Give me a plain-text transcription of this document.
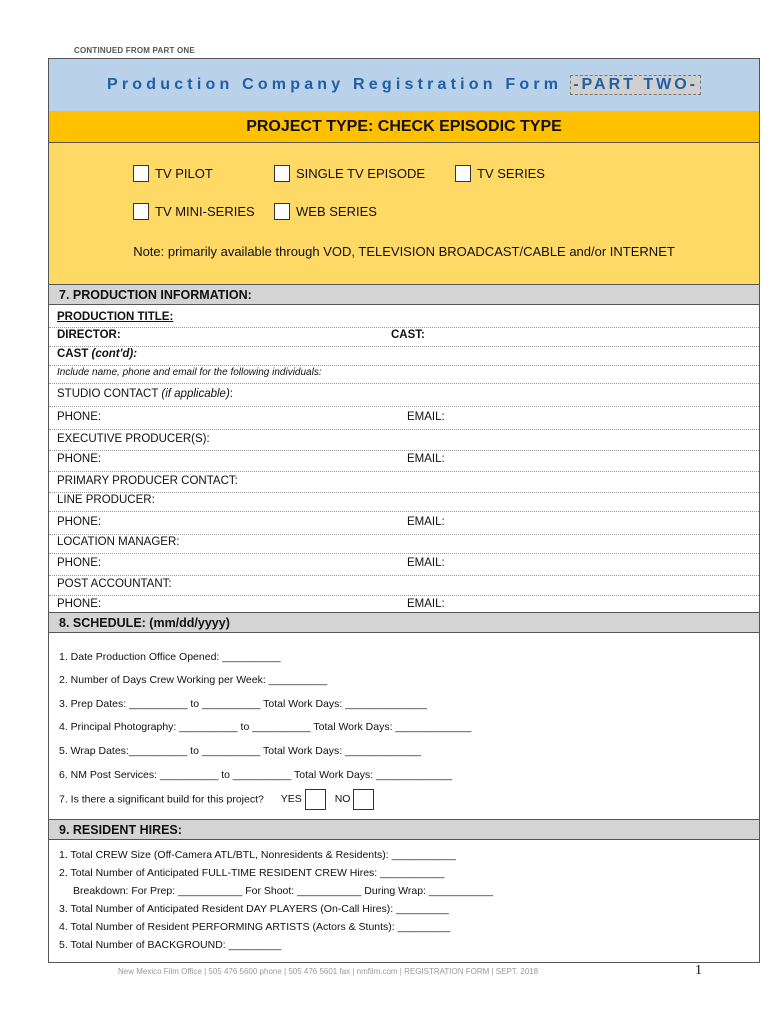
CONTINUED FROM PART ONE
Production Company Registration Form -PART TWO-
PROJECT TYPE: CHECK EPISODIC TYPE
TV PILOT	SINGLE TV EPISODE	TV SERIES
TV MINI-SERIES	WEB SERIES
Note: primarily available through VOD, TELEVISION BROADCAST/CABLE and/or INTERNET
7. PRODUCTION INFORMATION:
PRODUCTION TITLE:
DIRECTOR:	CAST:
CAST (cont'd):
Include name, phone and email for the following individuals:
STUDIO CONTACT (if applicable):
PHONE:	EMAIL:
EXECUTIVE PRODUCER(S):
PHONE:	EMAIL:
PRIMARY PRODUCER CONTACT:
LINE PRODUCER:
PHONE:	EMAIL:
LOCATION MANAGER:
PHONE:	EMAIL:
POST ACCOUNTANT:
PHONE:	EMAIL:
8. SCHEDULE: (mm/dd/yyyy)
1. Date Production Office Opened: __________
2. Number of Days Crew Working per Week: __________
3. Prep Dates: __________ to __________ Total Work Days: ______________
4. Principal Photography: __________ to __________ Total Work Days: _____________
5. Wrap Dates:__________ to __________ Total Work Days: _____________
6. NM Post Services: __________ to __________ Total Work Days: _____________
7. Is there a significant build for this project? YES	NO
9. RESIDENT HIRES:
1. Total CREW Size (Off-Camera ATL/BTL, Nonresidents & Residents): ___________
2. Total Number of Anticipated FULL-TIME RESIDENT CREW Hires: ___________
Breakdown: For Prep: ___________ For Shoot: ___________ During Wrap: ___________
3. Total Number of Anticipated Resident DAY PLAYERS (On-Call Hires): _________
4. Total Number of Resident PERFORMING ARTISTS (Actors & Stunts): _________
5. Total Number of BACKGROUND: _________
New Mexico Film Office | 505 476 5600 phone | 505 476 5601 fax | nmfilm.com | REGISTRATION FORM | SEPT. 2018	1
